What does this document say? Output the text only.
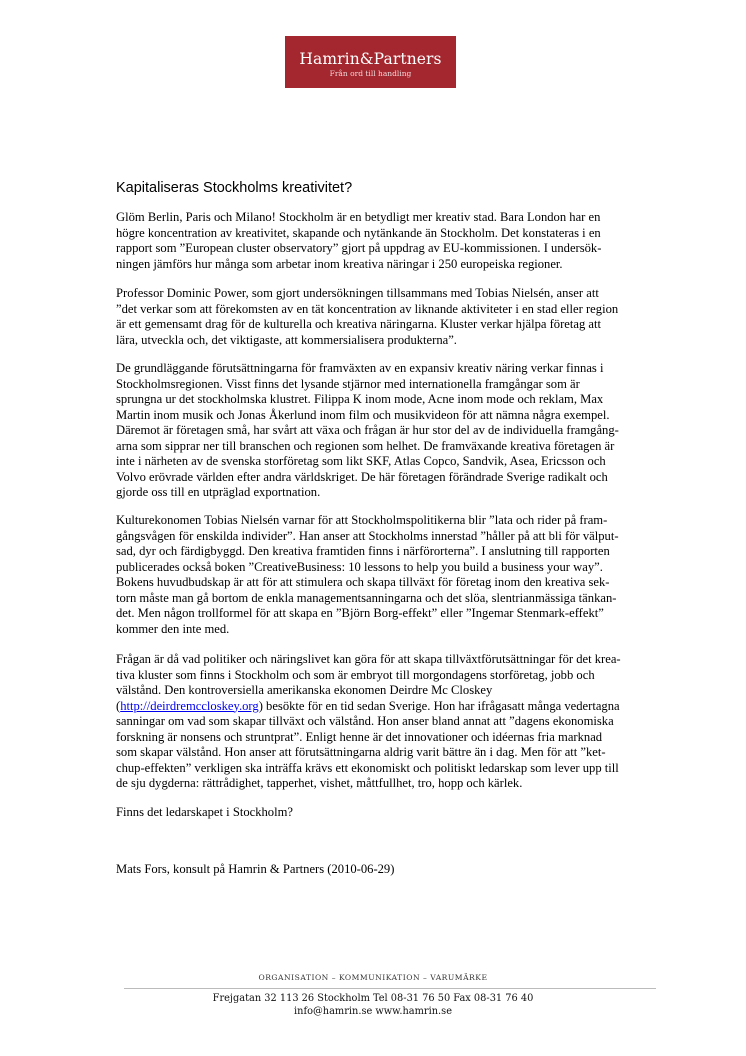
Hamrin&Partners
Från ord till handling
Kapitaliseras Stockholms kreativitet?
Glöm Berlin, Paris och Milano! Stockholm är en betydligt mer kreativ stad. Bara London har en
högre koncentration av kreativitet, skapande och nytänkande än Stockholm. Det konstateras i en
rapport som ”European cluster observatory” gjort på uppdrag av EU-kommissionen. I undersök-
ningen jämförs hur många som arbetar inom kreativa näringar i 250 europeiska regioner.
Professor Dominic Power, som gjort undersökningen tillsammans med Tobias Nielsén, anser att
”det verkar som att förekomsten av en tät koncentration av liknande aktiviteter i en stad eller region
är ett gemensamt drag för de kulturella och kreativa näringarna. Kluster verkar hjälpa företag att
lära, utveckla och, det viktigaste, att kommersialisera produkterna”.
De grundläggande förutsättningarna för framväxten av en expansiv kreativ näring verkar finnas i
Stockholmsregionen. Visst finns det lysande stjärnor med internationella framgångar som är
sprungna ur det stockholmska klustret. Filippa K inom mode, Acne inom mode och reklam, Max
Martin inom musik och Jonas Åkerlund inom film och musikvideon för att nämna några exempel.
Däremot är företagen små, har svårt att växa och frågan är hur stor del av de individuella framgång-
arna som sipprar ner till branschen och regionen som helhet. De framväxande kreativa företagen är
inte i närheten av de svenska storföretag som likt SKF, Atlas Copco, Sandvik, Asea, Ericsson och
Volvo erövrade världen efter andra världskriget. De här företagen förändrade Sverige radikalt och
gjorde oss till en utpräglad exportnation.
Kulturekonomen Tobias Nielsén varnar för att Stockholmspolitikerna blir ”lata och rider på fram-
gångsvågen för enskilda individer”. Han anser att Stockholms innerstad ”håller på att bli för välput-
sad, dyr och färdigbyggd. Den kreativa framtiden finns i närförorterna”. I anslutning till rapporten
publicerades också boken ”CreativeBusiness: 10 lessons to help you build a business your way”.
Bokens huvudbudskap är att för att stimulera och skapa tillväxt för företag inom den kreativa sek-
torn måste man gå bortom de enkla managementsanningarna och det slöa, slentrianmässiga tänkan-
det. Men någon trollformel för att skapa en ”Björn Borg-effekt” eller ”Ingemar Stenmark-effekt”
kommer den inte med.
Frågan är då vad politiker och näringslivet kan göra för att skapa tillväxtförutsättningar för det krea-
tiva kluster som finns i Stockholm och som är embryot till morgondagens storföretag, jobb och
välstånd. Den kontroversiella amerikanska ekonomen Deirdre Mc Closkey
(http://deirdremccloskey.org) besökte för en tid sedan Sverige. Hon har ifrågasatt många vedertagna
sanningar om vad som skapar tillväxt och välstånd. Hon anser bland annat att ”dagens ekonomiska
forskning är nonsens och struntprat”. Enligt henne är det innovationer och idéernas fria marknad
som skapar välstånd. Hon anser att förutsättningarna aldrig varit bättre än i dag. Men för att ”ket-
chup-effekten” verkligen ska inträffa krävs ett ekonomiskt och politiskt ledarskap som lever upp till
de sju dygderna: rättrådighet, tapperhet, vishet, måttfullhet, tro, hopp och kärlek.
Finns det ledarskapet i Stockholm?
Mats Fors, konsult på Hamrin & Partners (2010-06-29)
ORGANISATION – KOMMUNIKATION – VARUMÄRKE
Frejgatan 32 113 26 Stockholm Tel 08-31 76 50 Fax 08-31 76 40
info@hamrin.se www.hamrin.se
